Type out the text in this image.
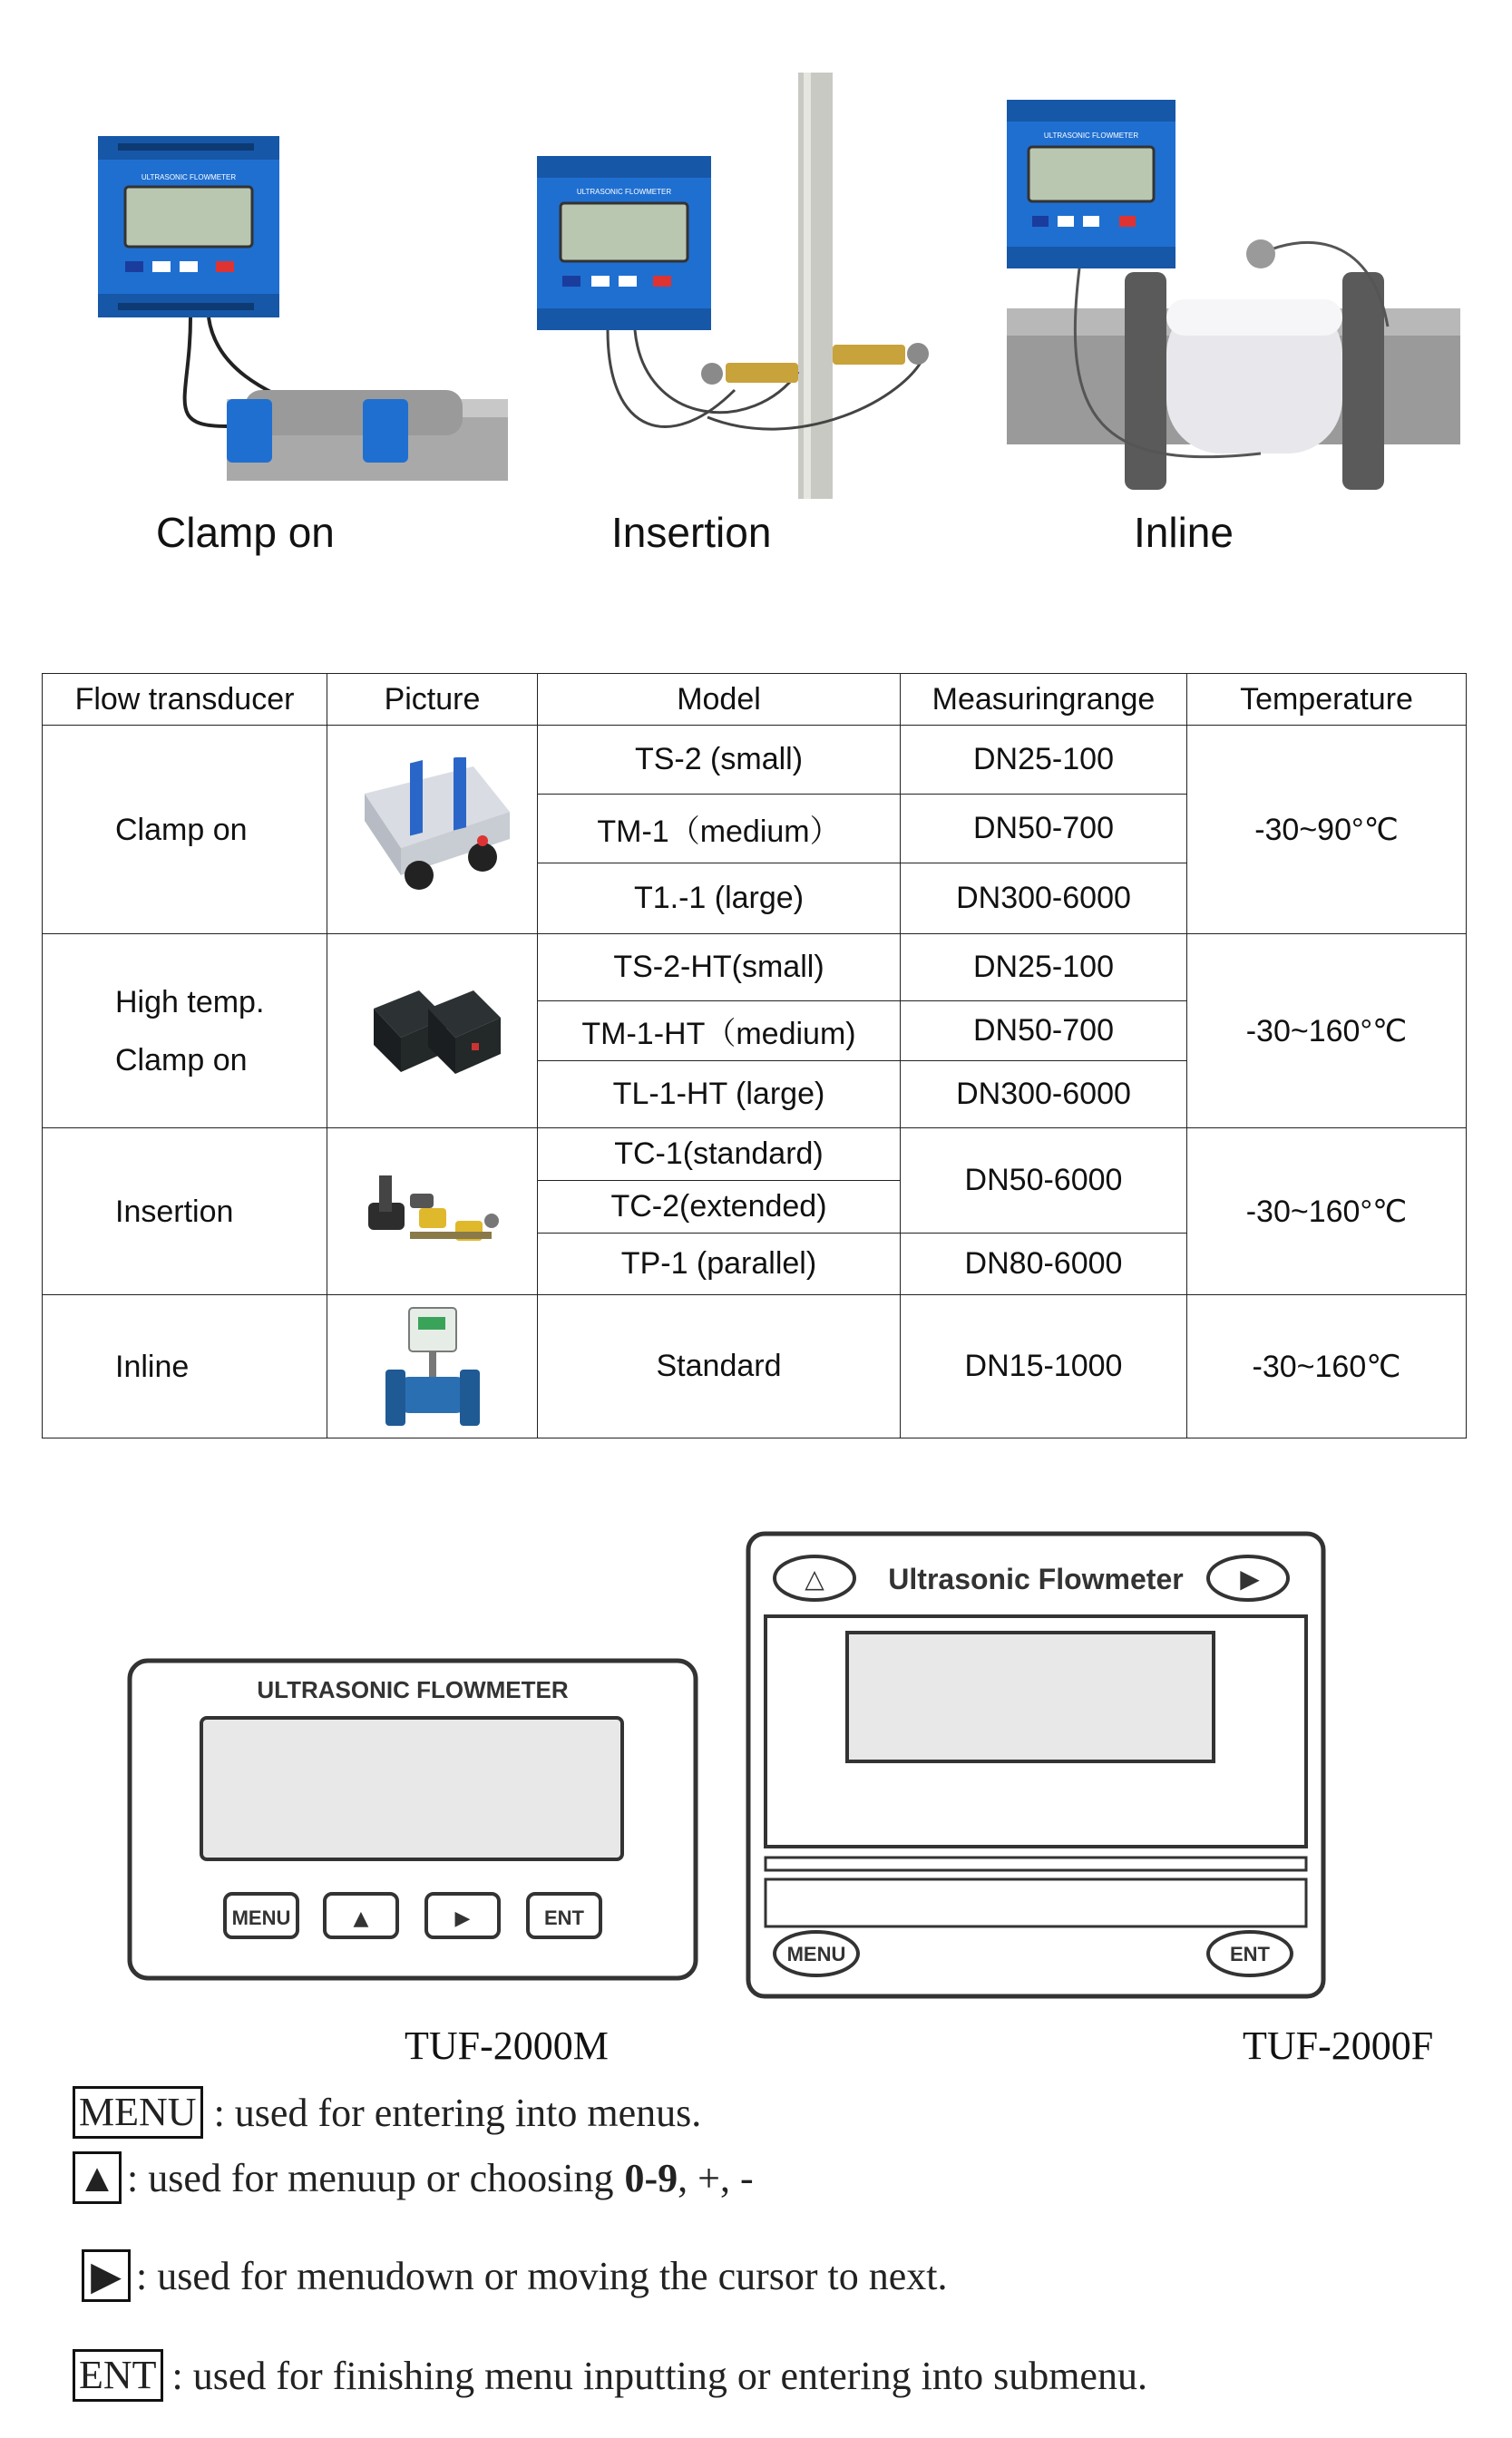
ULTRASONIC FLOWMETER
Clamp on
ULTRASONIC FLOWMETER
Insertion
ULTRASONIC FLOWMETER
Inline
Flow transducer	Picture	Model	Measuringrange	Temperature
Clamp on		TS-2 (small)	DN25-100	-30~90°℃
		TM-1（medium）	DN50-700	
		T1.-1 (large)	DN300-6000	

High temp.
Clamp on		TS-2-HT(small)	DN25-100	-30~160°℃
		TM-1-HT（medium)	DN50-700	
		TL-1-HT (large)	DN300-6000	
Insertion		TC-1(standard)	DN50-6000	-30~160°℃
		TC-2(extended)		
		TP-1 (parallel)	DN80-6000	
Inline		Standard	DN15-1000	-30~160℃
ULTRASONIC FLOWMETER
MENU	▲	▶	ENT
TUF-2000M
△ Ultrasonic Flowmeter ▶
MENU	ENT
TUF-2000F
MENU : used for entering into menus.
▲ : used for menuup or choosing 0-9 , +, -
▶ : used for menudown or moving the cursor to next.
ENT : used for finishing menu inputting or entering into submenu.
